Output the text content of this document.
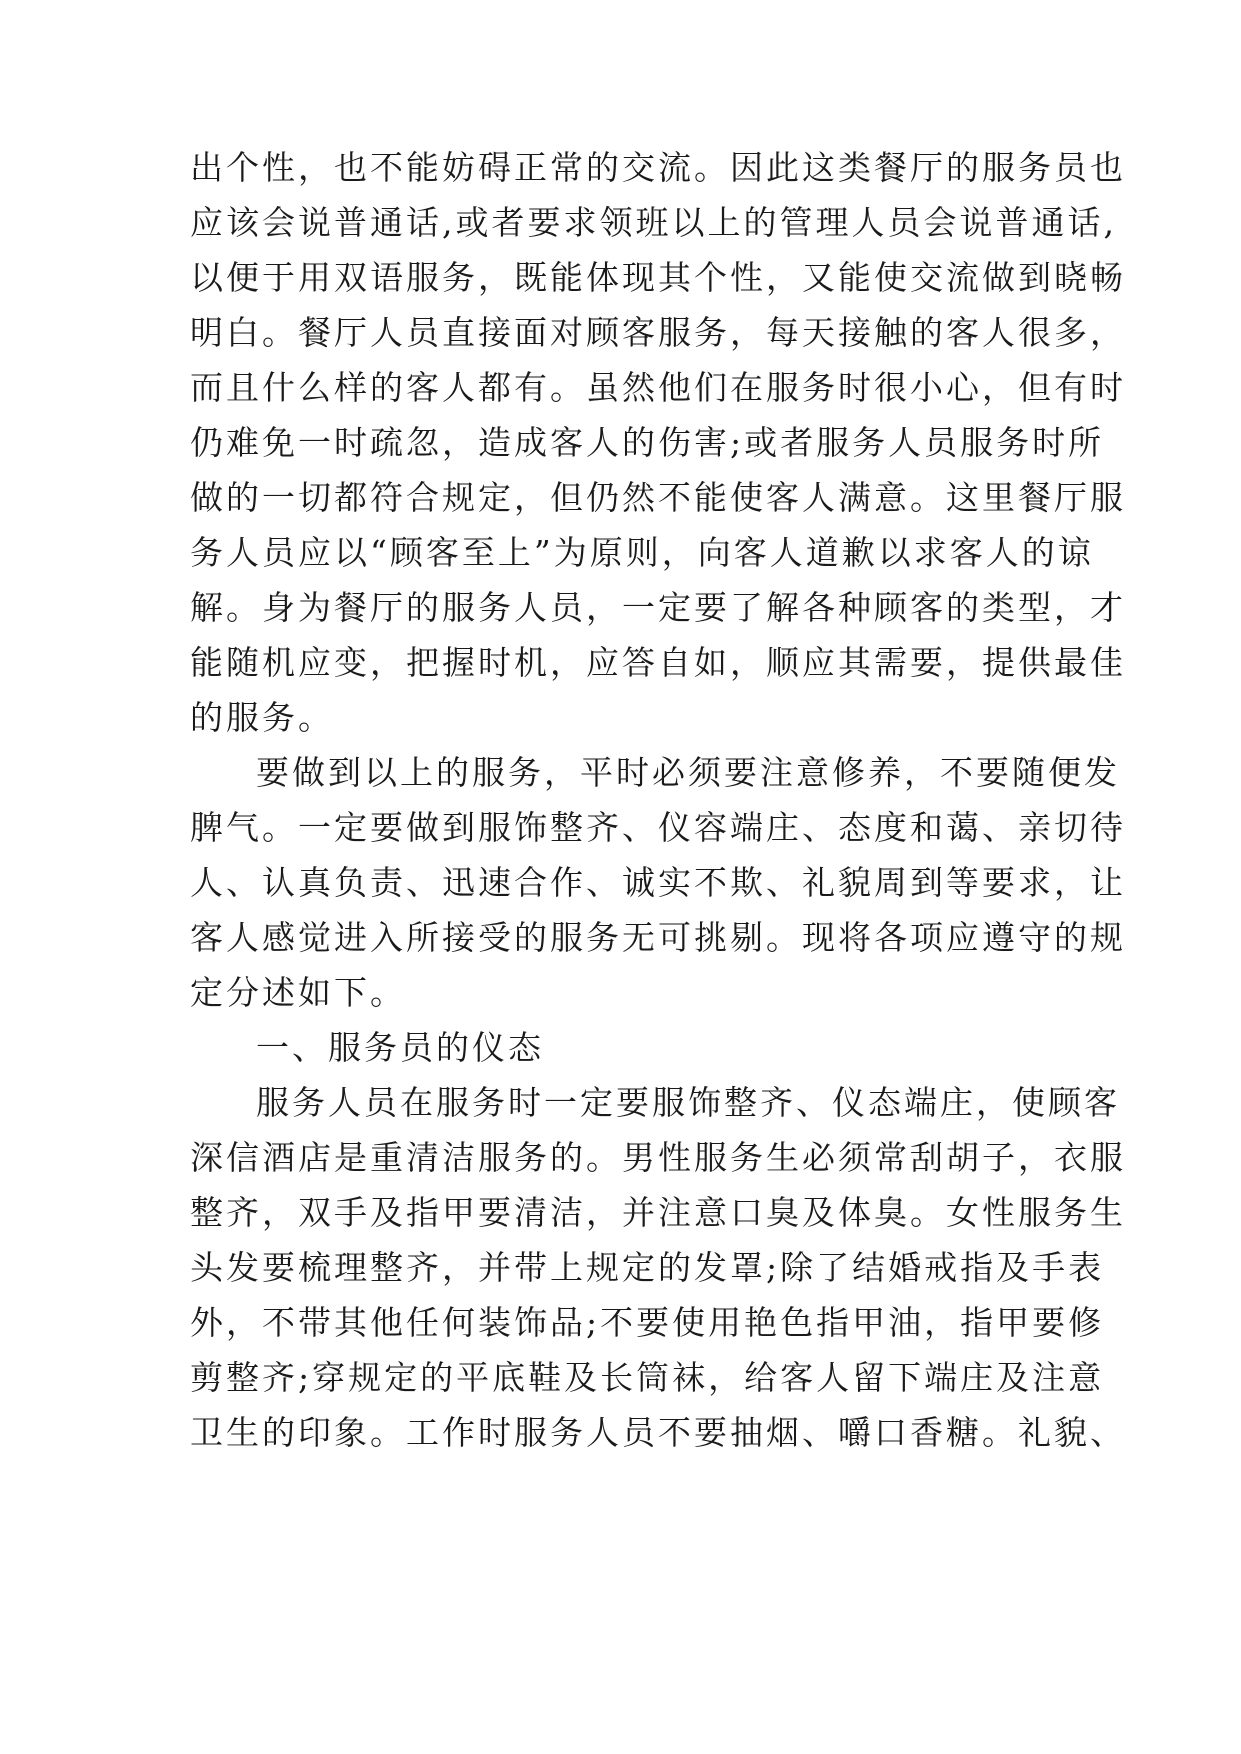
出个性，也不能妨碍正常的交流。因此这类餐厅的服务员也
应该会说普通话,或者要求领班以上的管理人员会说普通话,
以便于用双语服务，既能体现其个性，又能使交流做到晓畅
明白。餐厅人员直接面对顾客服务，每天接触的客人很多，
而且什么样的客人都有。虽然他们在服务时很小心，但有时
仍难免一时疏忽，造成客人的伤害;或者服务人员服务时所
做的一切都符合规定，但仍然不能使客人满意。这里餐厅服
务人员应以“顾客至上”为原则，向客人道歉以求客人的谅
解。身为餐厅的服务人员，一定要了解各种顾客的类型，才
能随机应变，把握时机，应答自如，顺应其需要，提供最佳
的服务。
要做到以上的服务，平时必须要注意修养，不要随便发
脾气。一定要做到服饰整齐、仪容端庄、态度和蔼、亲切待
人、认真负责、迅速合作、诚实不欺、礼貌周到等要求，让
客人感觉进入所接受的服务无可挑剔。现将各项应遵守的规
定分述如下。
一、服务员的仪态
服务人员在服务时一定要服饰整齐、仪态端庄，使顾客
深信酒店是重清洁服务的。男性服务生必须常刮胡子，衣服
整齐，双手及指甲要清洁，并注意口臭及体臭。女性服务生
头发要梳理整齐，并带上规定的发罩;除了结婚戒指及手表
外，不带其他任何装饰品;不要使用艳色指甲油，指甲要修
剪整齐;穿规定的平底鞋及长筒袜，给客人留下端庄及注意
卫生的印象。工作时服务人员不要抽烟、嚼口香糖。礼貌、
